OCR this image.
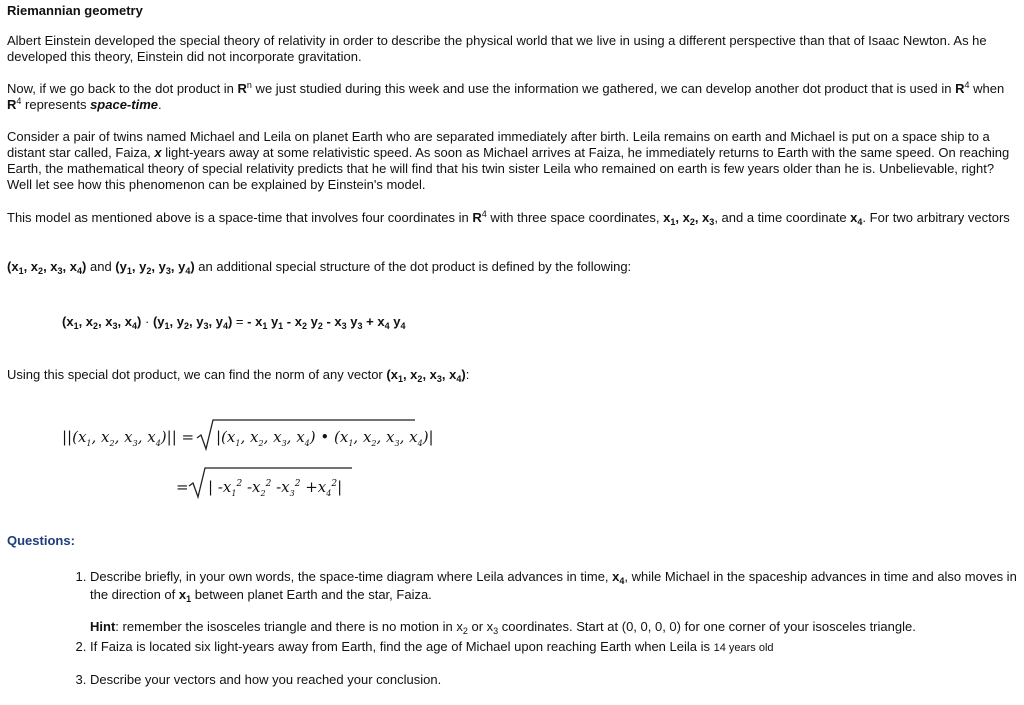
Riemannian geometry

Albert Einstein developed the special theory of relativity in order to describe the physical world that we live in using a different perspective than that of Isaac Newton. As he developed this theory, Einstein did not incorporate gravitation.

Now, if we go back to the dot product in $R^n$ we just studied during this week and use the information we gathered, we can develop another dot product that is used in $R^4$ when $R^4$ represents space-time.

Consider a pair of twins named Michael and Leila on planet Earth who are separated immediately after birth. Leila remains on earth and Michael is put on a space ship to a distant star called, Faiza, x light-years away at some relativistic speed. As soon as Michael arrives at Faiza, he immediately returns to Earth with the same speed. On reaching Earth, the mathematical theory of special relativity predicts that he will find that his twin sister Leila who remained on earth is few years older than he is. Unbelievable, right? Well let see how this phenomenon can be explained by Einstein's model.

This model as mentioned above is a space-time that involves four coordinates in $R^4$ with three space coordinates, $x_1$, $x_2$, $x_3$, and a time coordinate $x_4$. For two arbitrary vectors

($x_1$, $x_2$, $x_3$, $x_4$) and ($y_1$, $y_2$, $y_3$, $y_4$) an additional special structure of the dot product is defined by the following:

($x_1$, $x_2$, $x_3$, $x_4) \cdot (y_1$, $y_2$, $y_3$, $y_4$) = - $x_1$ $y_1 - x_2$ $y_2 - x_3$ $y_3 + x_4$ $y_4$

Using this special dot product, we can find the norm of any vector ($x_1$, $x_2$, $x_3$, $x_4$):

$||(x_1$, $x_2$, $x_3$, $x_4)|| = |(x_1$, $x_2$, $x_3$, $x_4$) • ($x_1$, $x_2$, $x_3$, $x_4)|$
= | $-x_1^2$ $-x_2^2$ $-x_3^2 +x_4^2|$
Questions:
1. Describe briefly, in your own words, the space-time diagram where Leila advances in time, $x_4$, while Michael in the spaceship advances in time and also moves in the direction of $x_1$ between planet Earth and the star, Faiza.
Hint: remember the isosceles triangle and there is no motion in $x_2$ or $x_3$ coordinates. Start at (0, 0, 0, 0) for one corner of your isosceles triangle.
2. If Faiza is located six light-years away from Earth, find the age of Michael upon reaching Earth when Leila is 14 years old
3. Describe your vectors and how you reached your conclusion.
